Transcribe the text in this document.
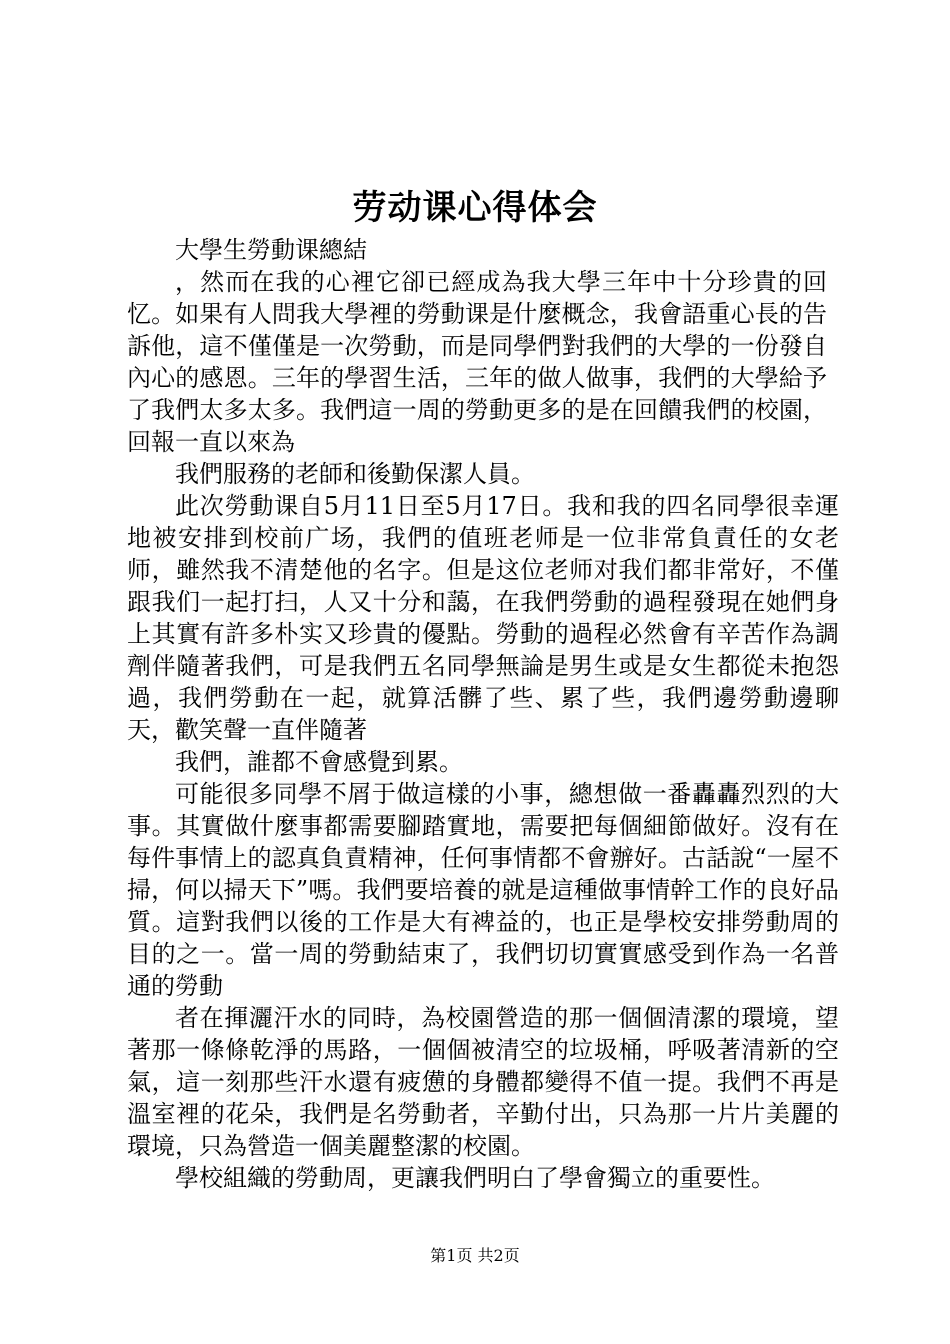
劳动课心得体会

大學生勞動课總結

，然而在我的心裡它卻已經成為我大學三年中十分珍貴的回忆。如果有人問我大學裡的勞動课是什麼概念，我會語重心長的告訴他，這不僅僅是一次勞動，而是同學們對我們的大學的一份發自內心的感恩。三年的學習生活，三年的做人做事，我們的大學給予了我們太多太多。我們這一周的勞動更多的是在回饋我們的校園，回報一直以來為

我們服務的老師和後勤保潔人員。

此次勞動课自5月11日至5月17日。我和我的四名同學很幸運地被安排到校前广场，我們的值班老师是一位非常負責任的女老师，雖然我不清楚他的名字。但是这位老师对我们都非常好，不僅跟我们一起打扫，人又十分和藹，在我們勞動的過程發現在她們身上其實有許多朴实又珍貴的優點。勞動的過程必然會有辛苦作為調劑伴隨著我們，可是我們五名同學無論是男生或是女生都從未抱怨過，我們勞動在一起，就算活髒了些、累了些，我們邊勞動邊聊天，歡笑聲一直伴隨著

我們，誰都不會感覺到累。

可能很多同學不屑于做這樣的小事，總想做一番轟轟烈烈的大事。其實做什麼事都需要腳踏實地，需要把每個細節做好。沒有在每件事情上的認真負責精神，任何事情都不會辦好。古話說“一屋不掃，何以掃天下”嗎。我們要培養的就是這種做事情幹工作的良好品質。這對我們以後的工作是大有裨益的，也正是學校安排勞動周的目的之一。當一周的勞動結束了，我們切切實實感受到作為一名普通的勞動

者在揮灑汗水的同時，為校園營造的那一個個清潔的環境，望著那一條條乾淨的馬路，一個個被清空的垃圾桶，呼吸著清新的空氣，這一刻那些汗水還有疲憊的身體都變得不值一提。我們不再是溫室裡的花朵，我們是名勞動者，辛勤付出，只為那一片片美麗的環境，只為營造一個美麗整潔的校園。

學校組織的勞動周，更讓我們明白了學會獨立的重要性。

第1页 共2页
